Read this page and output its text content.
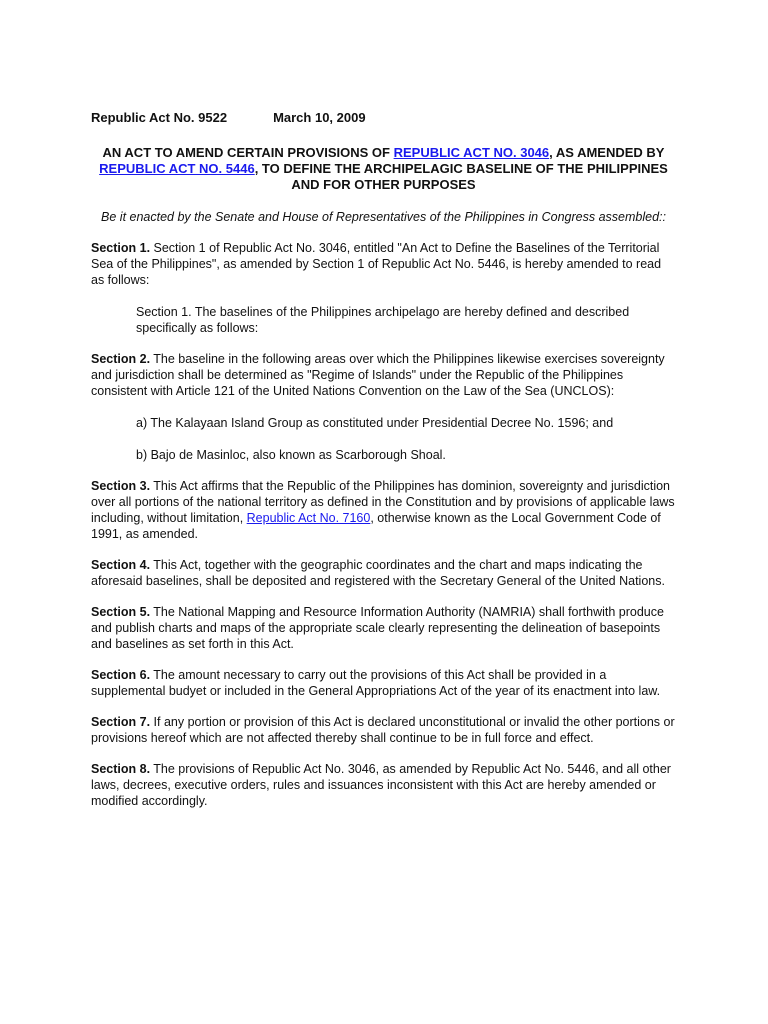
Republic Act No. 9522	March 10, 2009

AN ACT TO AMEND CERTAIN PROVISIONS OF REPUBLIC ACT NO. 3046, AS AMENDED BY REPUBLIC ACT NO. 5446, TO DEFINE THE ARCHIPELAGIC BASELINE OF THE PHILIPPINES AND FOR OTHER PURPOSES

Be it enacted by the Senate and House of Representatives of the Philippines in Congress assembled::

Section 1. Section 1 of Republic Act No. 3046, entitled "An Act to Define the Baselines of the Territorial Sea of the Philippines", as amended by Section 1 of Republic Act No. 5446, is hereby amended to read as follows:

Section 1. The baselines of the Philippines archipelago are hereby defined and described specifically as follows:

Section 2. The baseline in the following areas over which the Philippines likewise exercises sovereignty and jurisdiction shall be determined as "Regime of Islands" under the Republic of the Philippines consistent with Article 121 of the United Nations Convention on the Law of the Sea (UNCLOS):

a) The Kalayaan Island Group as constituted under Presidential Decree No. 1596; and

b) Bajo de Masinloc, also known as Scarborough Shoal.

Section 3. This Act affirms that the Republic of the Philippines has dominion, sovereignty and jurisdiction over all portions of the national territory as defined in the Constitution and by provisions of applicable laws including, without limitation, Republic Act No. 7160, otherwise known as the Local Government Code of 1991, as amended.

Section 4. This Act, together with the geographic coordinates and the chart and maps indicating the aforesaid baselines, shall be deposited and registered with the Secretary General of the United Nations.

Section 5. The National Mapping and Resource Information Authority (NAMRIA) shall forthwith produce and publish charts and maps of the appropriate scale clearly representing the delineation of basepoints and baselines as set forth in this Act.

Section 6. The amount necessary to carry out the provisions of this Act shall be provided in a supplemental budyet or included in the General Appropriations Act of the year of its enactment into law.

Section 7. If any portion or provision of this Act is declared unconstitutional or invalid the other portions or provisions hereof which are not affected thereby shall continue to be in full force and effect.

Section 8. The provisions of Republic Act No. 3046, as amended by Republic Act No. 5446, and all other laws, decrees, executive orders, rules and issuances inconsistent with this Act are hereby amended or modified accordingly.
